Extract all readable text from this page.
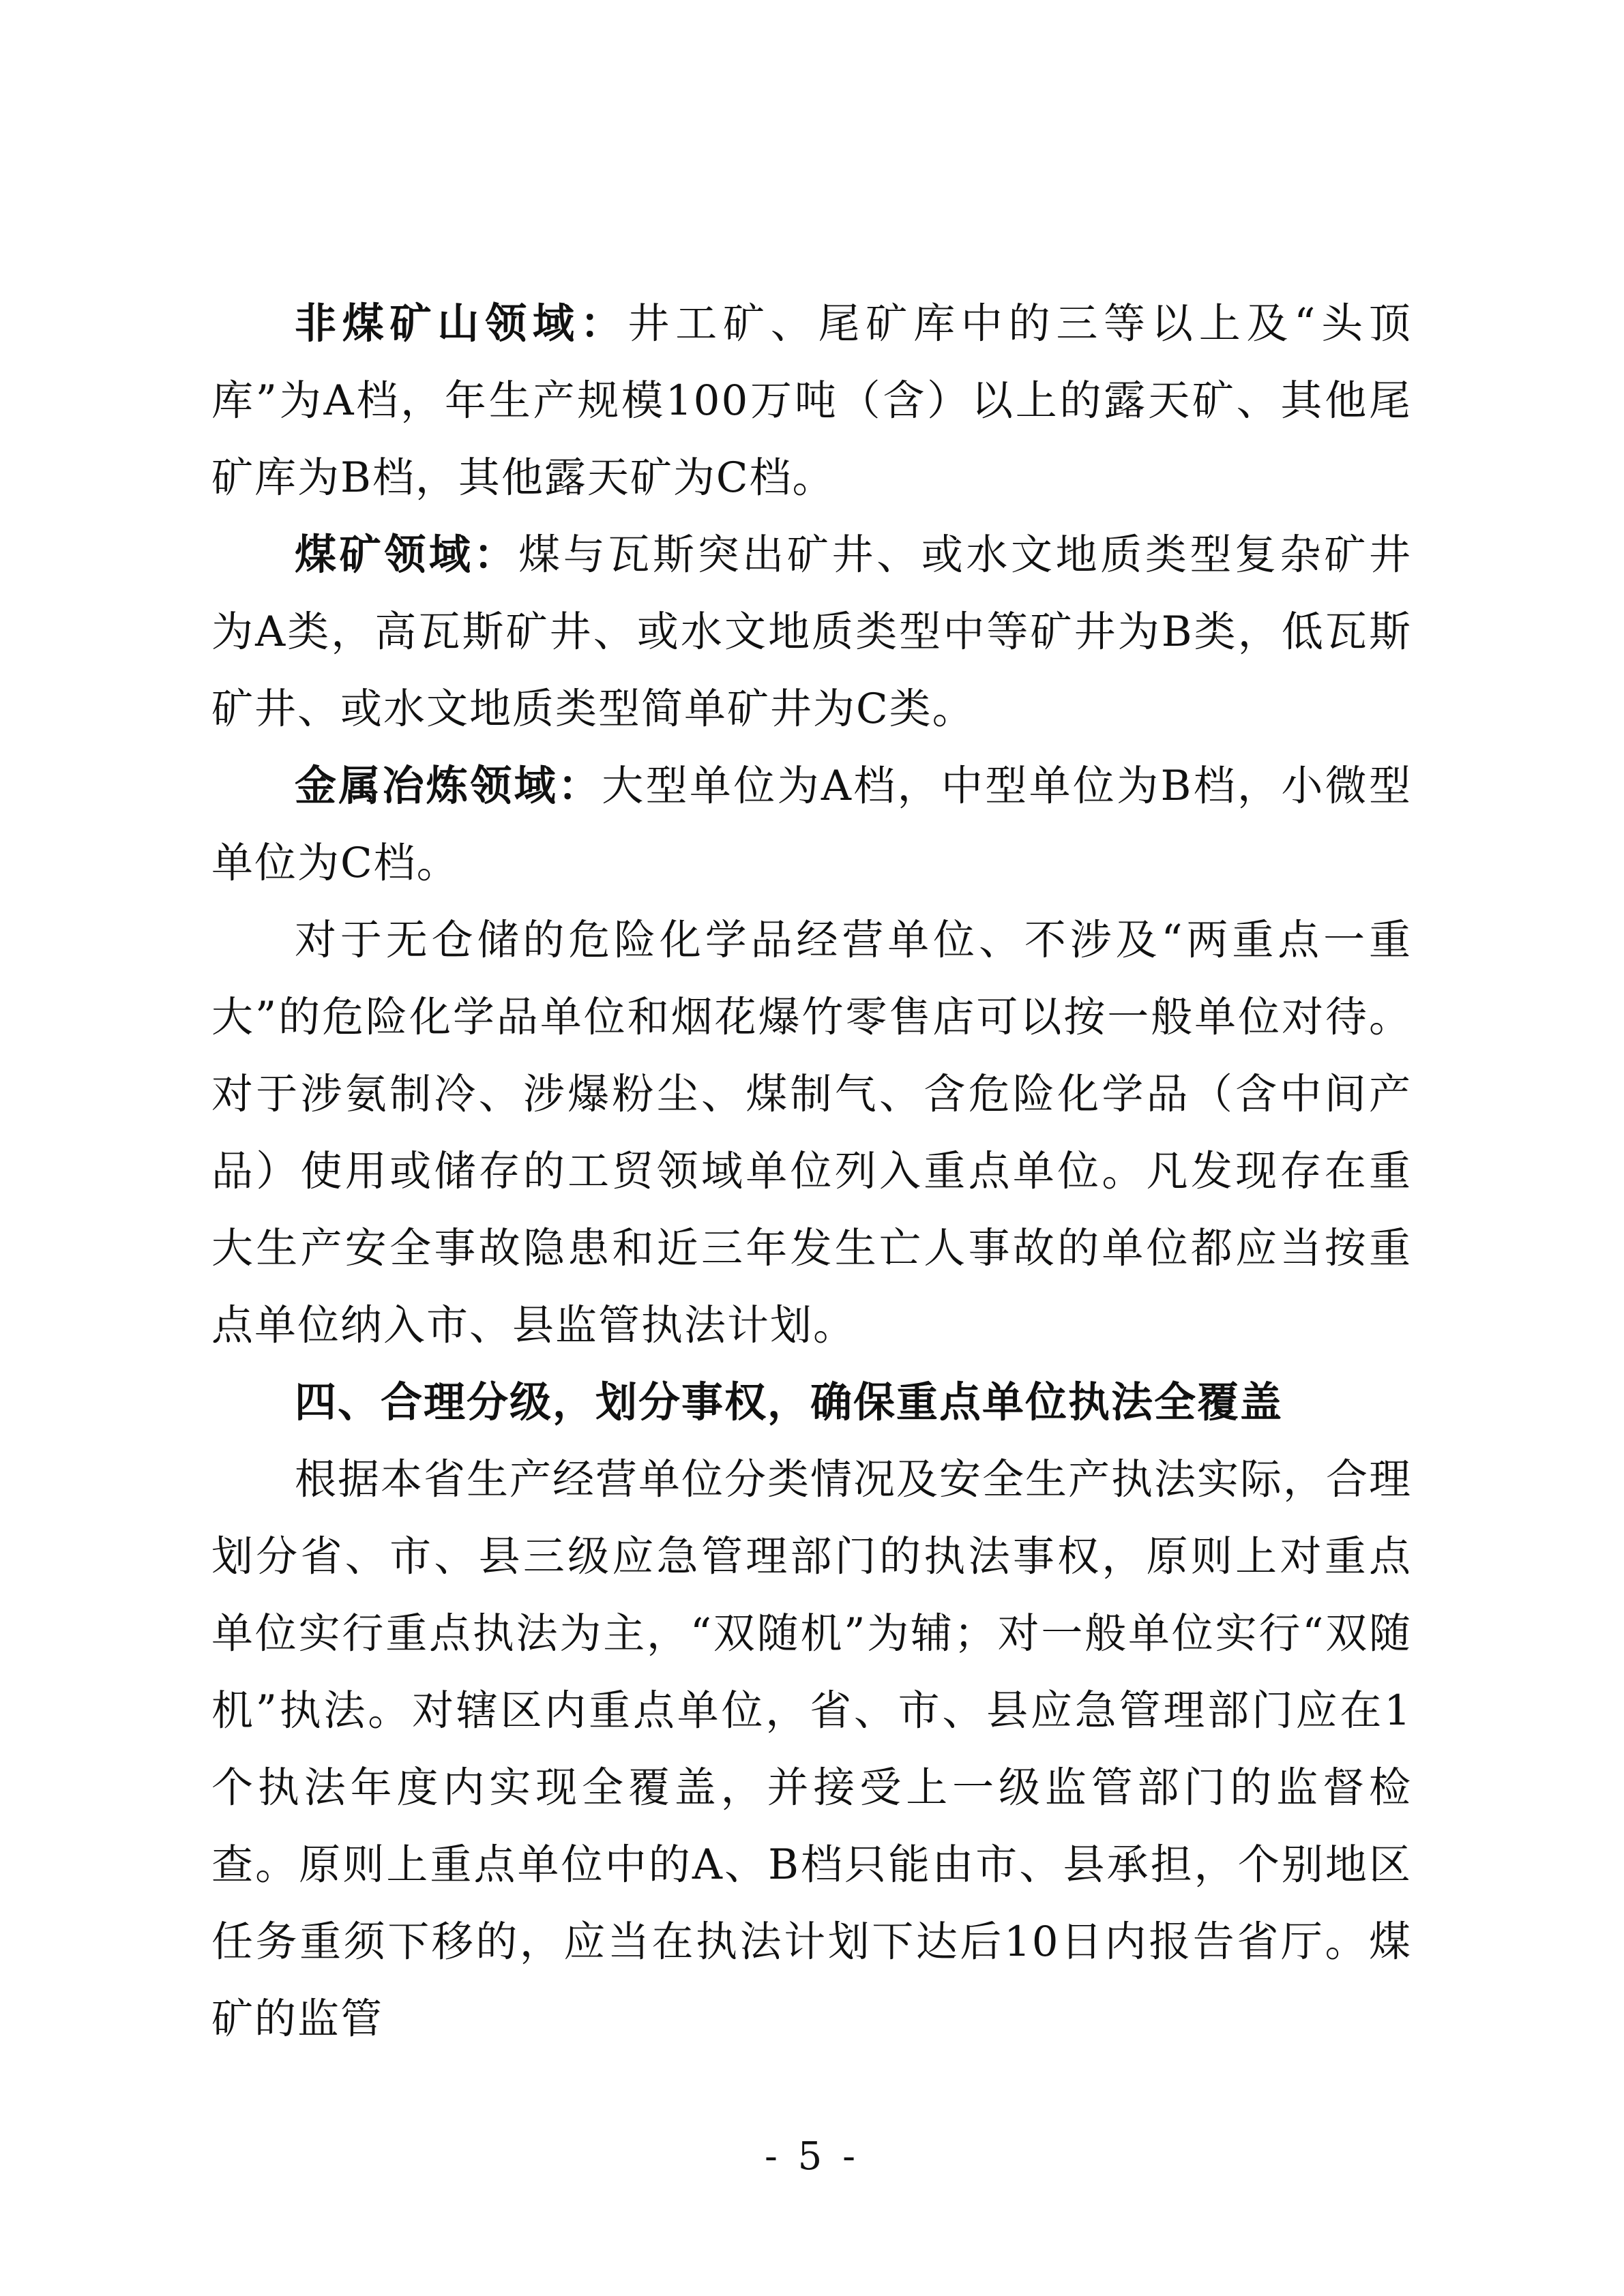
非煤矿山领域：井工矿、尾矿库中的三等以上及“头顶库”为A档，年生产规模100万吨（含）以上的露天矿、其他尾矿库为B档，其他露天矿为C档。

煤矿领域：煤与瓦斯突出矿井、或水文地质类型复杂矿井为A类，高瓦斯矿井、或水文地质类型中等矿井为B类，低瓦斯矿井、或水文地质类型简单矿井为C类。

金属冶炼领域：大型单位为A档，中型单位为B档，小微型单位为C档。

对于无仓储的危险化学品经营单位、不涉及“两重点一重大”的危险化学品单位和烟花爆竹零售店可以按一般单位对待。对于涉氨制冷、涉爆粉尘、煤制气、含危险化学品（含中间产品）使用或储存的工贸领域单位列入重点单位。凡发现存在重大生产安全事故隐患和近三年发生亡人事故的单位都应当按重点单位纳入市、县监管执法计划。

四、合理分级，划分事权，确保重点单位执法全覆盖

根据本省生产经营单位分类情况及安全生产执法实际，合理划分省、市、县三级应急管理部门的执法事权，原则上对重点单位实行重点执法为主，“双随机”为辅；对一般单位实行“双随机”执法。对辖区内重点单位，省、市、县应急管理部门应在1个执法年度内实现全覆盖，并接受上一级监管部门的监督检查。原则上重点单位中的A、B档只能由市、县承担，个别地区任务重须下移的，应当在执法计划下达后10日内报告省厅。煤矿的监管

- 5 -
